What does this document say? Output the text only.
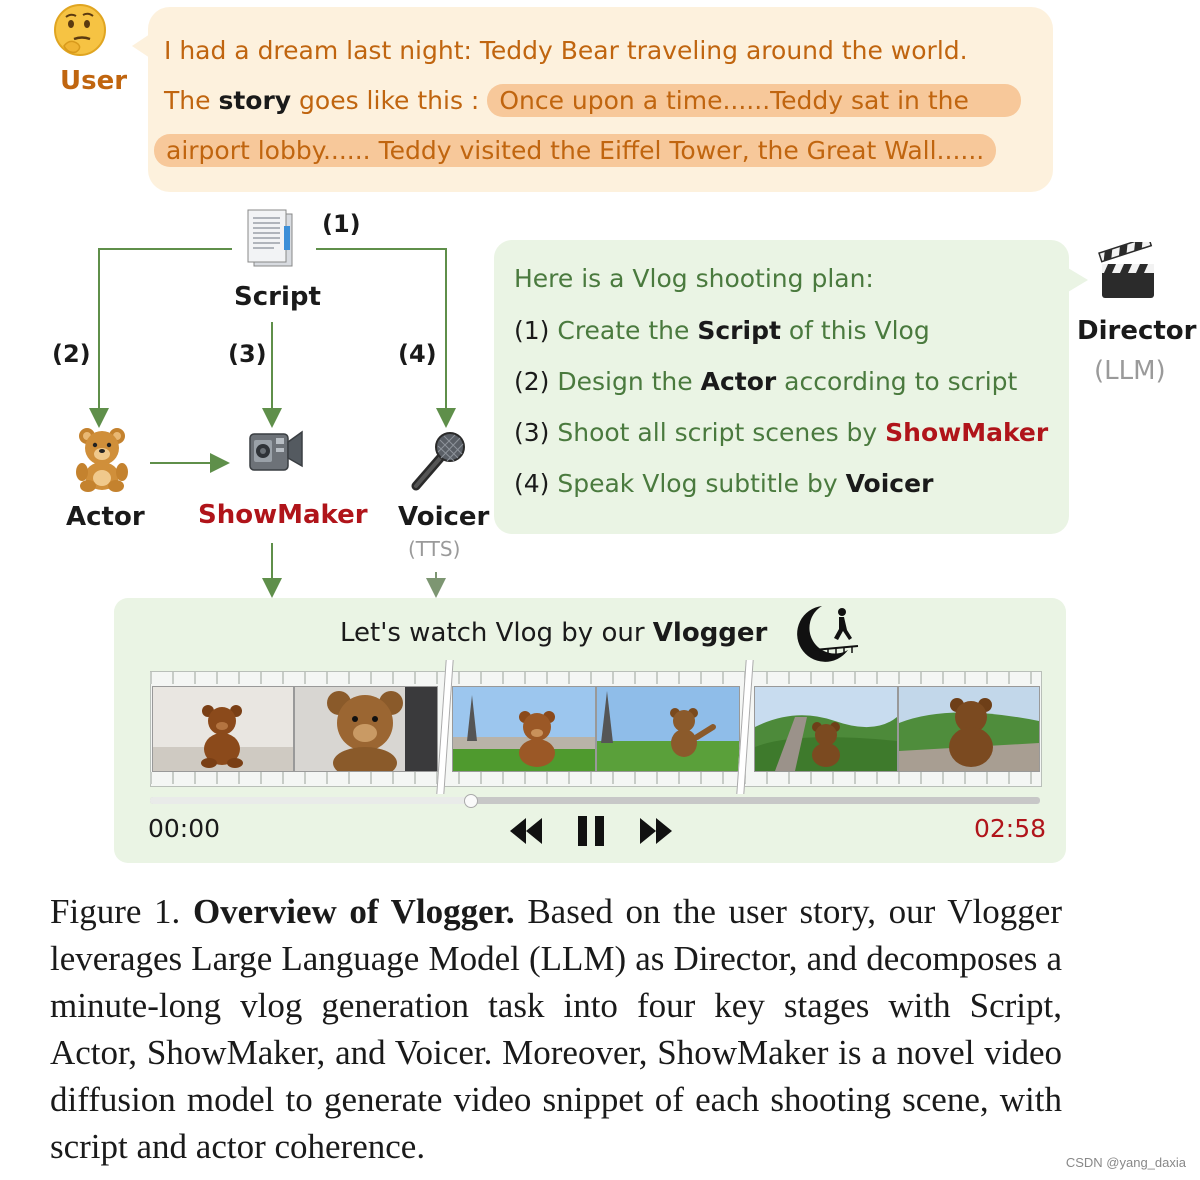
User
I had a dream last night: Teddy Bear traveling around the world.
The story goes like this : Once upon a time......Teddy sat in the
airport lobby...... Teddy visited the Eiffel Tower, the Great Wall......
Script
(1)
(2)	(3)	(4)
Actor ShowMaker Voicer
(TTS)
Here is a Vlog shooting plan:
(1) Create the Script of this Vlog
(2) Design the Actor according to script
(3) Shoot all script scenes by ShowMaker
(4) Speak Vlog subtitle by Voicer
Director
(LLM)
Let's watch Vlog by our Vlogger
00:00	02:58
Figure 1. Overview of Vlogger. Based on the user story, our Vlogger leverages Large Language Model (LLM) as Director, and decomposes a minute-long vlog generation task into four key stages with Script, Actor, ShowMaker, and Voicer. Moreover, ShowMaker is a novel video diffusion model to generate video snippet of each shooting scene, with script and actor coherence.	CSDN @yang_daxia
